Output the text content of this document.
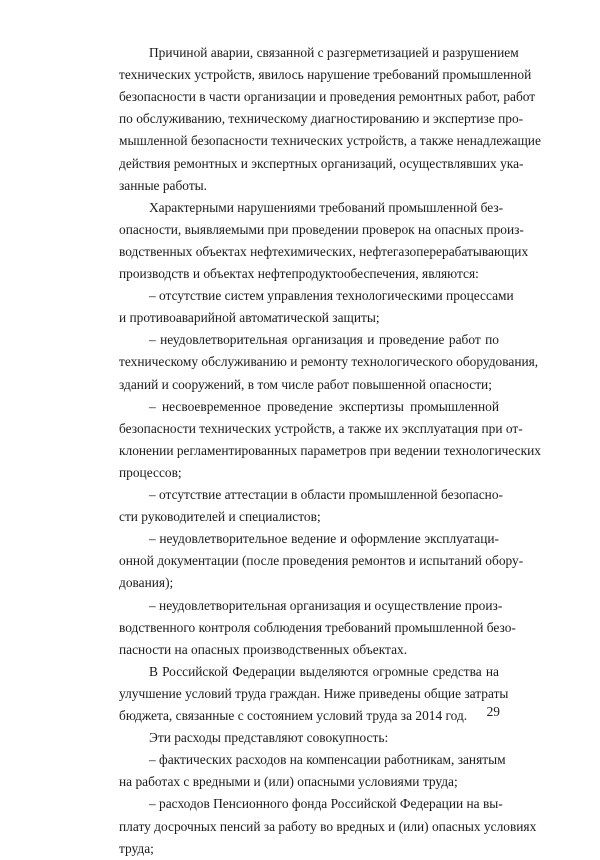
Причиной аварии, связанной с разгерметизацией и разрушением
технических устройств, явилось нарушение требований промышленной
безопасности в части организации и проведения ремонтных работ, работ
по обслуживанию, техническому диагностированию и экспертизе про-
мышленной безопасности технических устройств, а также ненадлежащие
действия ремонтных и экспертных организаций, осуществлявших ука-
занные работы.
Характерными нарушениями требований промышленной без-
опасности, выявляемыми при проведении проверок на опасных произ-
водственных объектах нефтехимических, нефтегазоперерабатывающих
производств и объектах нефтепродуктообеспечения, являются:
– отсутствие систем управления технологическими процессами
и противоаварийной автоматической защиты;
– неудовлетворительная организация и проведение работ по
техническому обслуживанию и ремонту технологического оборудования,
зданий и сооружений, в том числе работ повышенной опасности;
– несвоевременное проведение экспертизы промышленной
безопасности технических устройств, а также их эксплуатация при от-
клонении регламентированных параметров при ведении технологических
процессов;
– отсутствие аттестации в области промышленной безопасно-
сти руководителей и специалистов;
– неудовлетворительное ведение и оформление эксплуатаци-
онной документации (после проведения ремонтов и испытаний обору-
дования);
– неудовлетворительная организация и осуществление произ-
водственного контроля соблюдения требований промышленной безо-
пасности на опасных производственных объектах.
В Российской Федерации выделяются огромные средства на
улучшение условий труда граждан. Ниже приведены общие затраты
бюджета, связанные с состоянием условий труда за 2014 год.
Эти расходы представляют совокупность:
– фактических расходов на компенсации работникам, занятым
на работах с вредными и (или) опасными условиями труда;
– расходов Пенсионного фонда Российской Федерации на вы-
плату досрочных пенсий за работу во вредных и (или) опасных условиях
труда;
29
